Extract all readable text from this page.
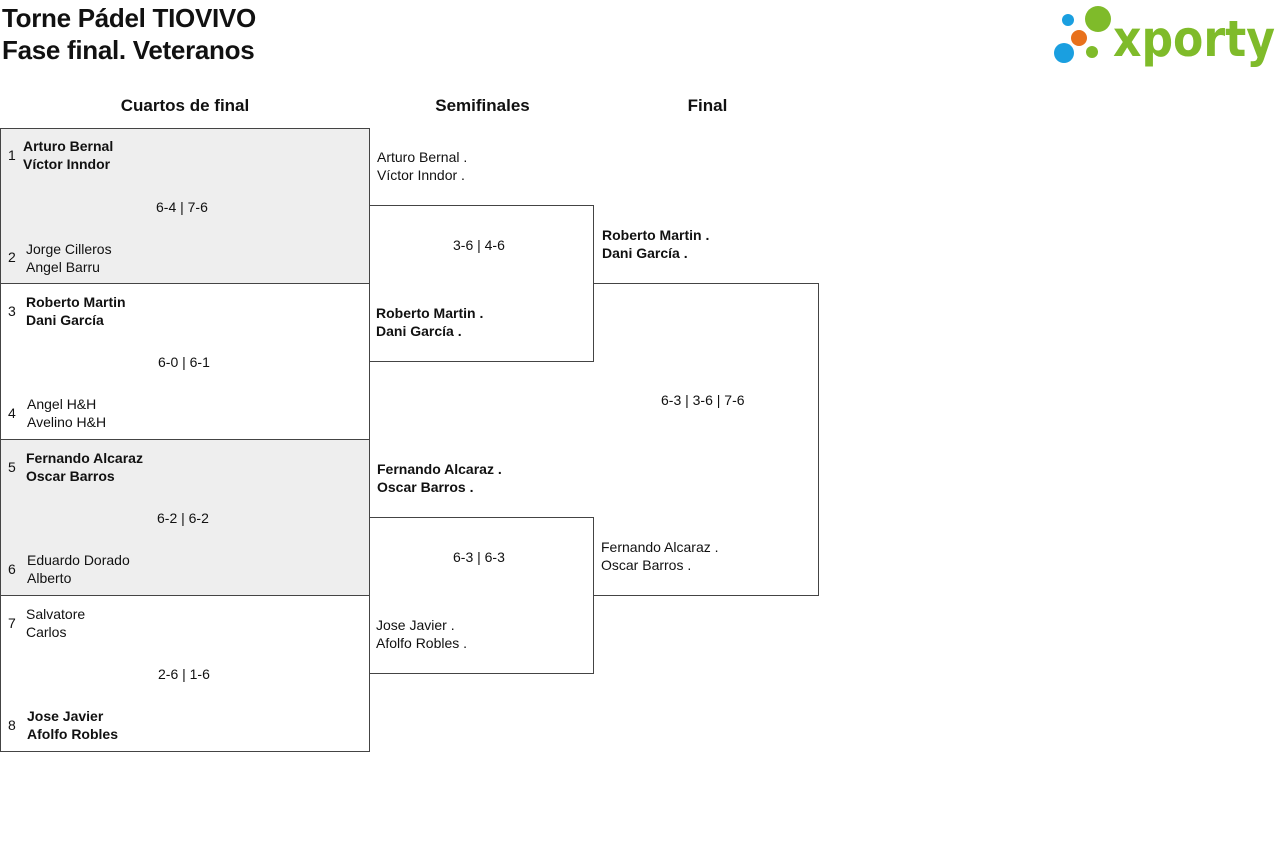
Torne Pádel TIOVIVO
Fase final. Veteranos	xporty
Cuartos de final	Semifinales	Final
1
Arturo Bernal
Víctor Inndor
6-4 | 7-6
2 Jorge Cilleros
Angel Barru
3
Roberto Martin
Dani García
6-0 | 6-1
4
Angel H&H
Avelino H&H
5
Fernando Alcaraz
Oscar Barros
6-2 | 6-2
6
Eduardo Dorado
Alberto
7
Salvatore
Carlos
2-6 | 1-6
8
Jose Javier
Afolfo Robles
Arturo Bernal .
Víctor Inndor .
3-6 | 4-6
Roberto Martin .
Dani García .
Fernando Alcaraz .
Oscar Barros .
6-3 | 6-3
Jose Javier .
Afolfo Robles .
Roberto Martin .
Dani García .
6-3 | 3-6 | 7-6
Fernando Alcaraz .
Oscar Barros .
